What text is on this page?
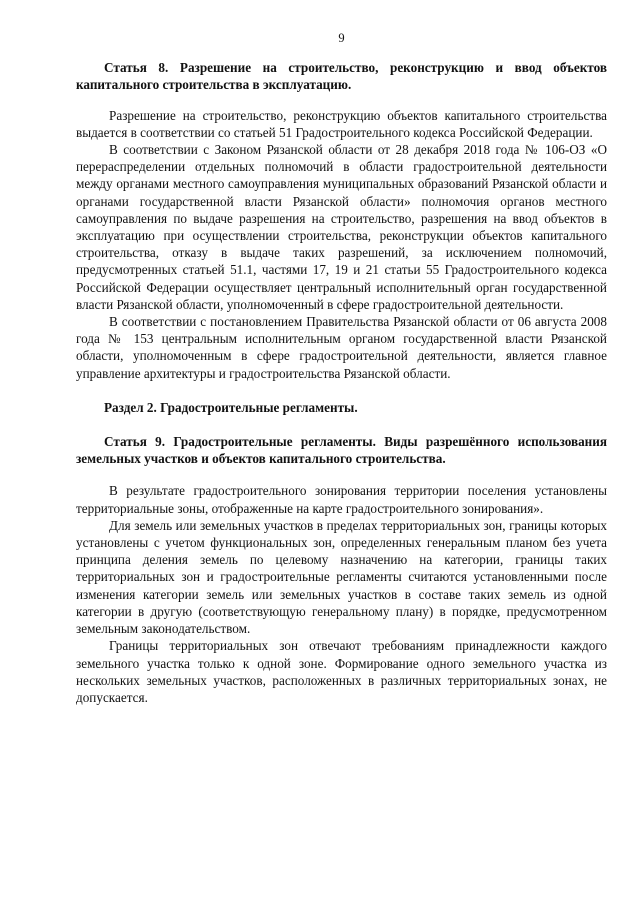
9

Статья 8. Разрешение на строительство, реконструкцию и ввод объектов капитального строительства в эксплуатацию.

Разрешение на строительство, реконструкцию объектов капитального строительства выдается в соответствии со статьей 51 Градостроительного кодекса Российской Федерации.

В соответствии с Законом Рязанской области от 28 декабря 2018 года № 106-ОЗ «О перераспределении отдельных полномочий в области градостроительной деятельности между органами местного самоуправления муниципальных образований Рязанской области и органами государственной власти Рязанской области» полномочия органов местного самоуправления по выдаче разрешения на строительство, разрешения на ввод объектов в эксплуатацию при осуществлении строительства, реконструкции объектов капитального строительства, отказу в выдаче таких разрешений, за исключением полномочий, предусмотренных статьей 51.1, частями 17, 19 и 21 статьи 55 Градостроительного кодекса Российской Федерации осуществляет центральный исполнительный орган государственной власти Рязанской области, уполномоченный в сфере градостроительной деятельности.

В соответствии с постановлением Правительства Рязанской области от 06 августа 2008 года № 153 центральным исполнительным органом государственной власти Рязанской области, уполномоченным в сфере градостроительной деятельности, является главное управление архитектуры и градостроительства Рязанской области.

Раздел 2. Градостроительные регламенты.

Статья 9. Градостроительные регламенты. Виды разрешённого использования земельных участков и объектов капитального строительства.

В результате градостроительного зонирования территории поселения установлены территориальные зоны, отображенные на карте градостроительного зонирования».

Для земель или земельных участков в пределах территориальных зон, границы которых установлены с учетом функциональных зон, определенных генеральным планом без учета принципа деления земель по целевому назначению на категории, границы таких территориальных зон и градостроительные регламенты считаются установленными после изменения категории земель или земельных участков в составе таких земель из одной категории в другую (соответствующую генеральному плану) в порядке, предусмотренном земельным законодательством.

Границы территориальных зон отвечают требованиям принадлежности каждого земельного участка только к одной зоне. Формирование одного земельного участка из нескольких земельных участков, расположенных в различных территориальных зонах, не допускается.
